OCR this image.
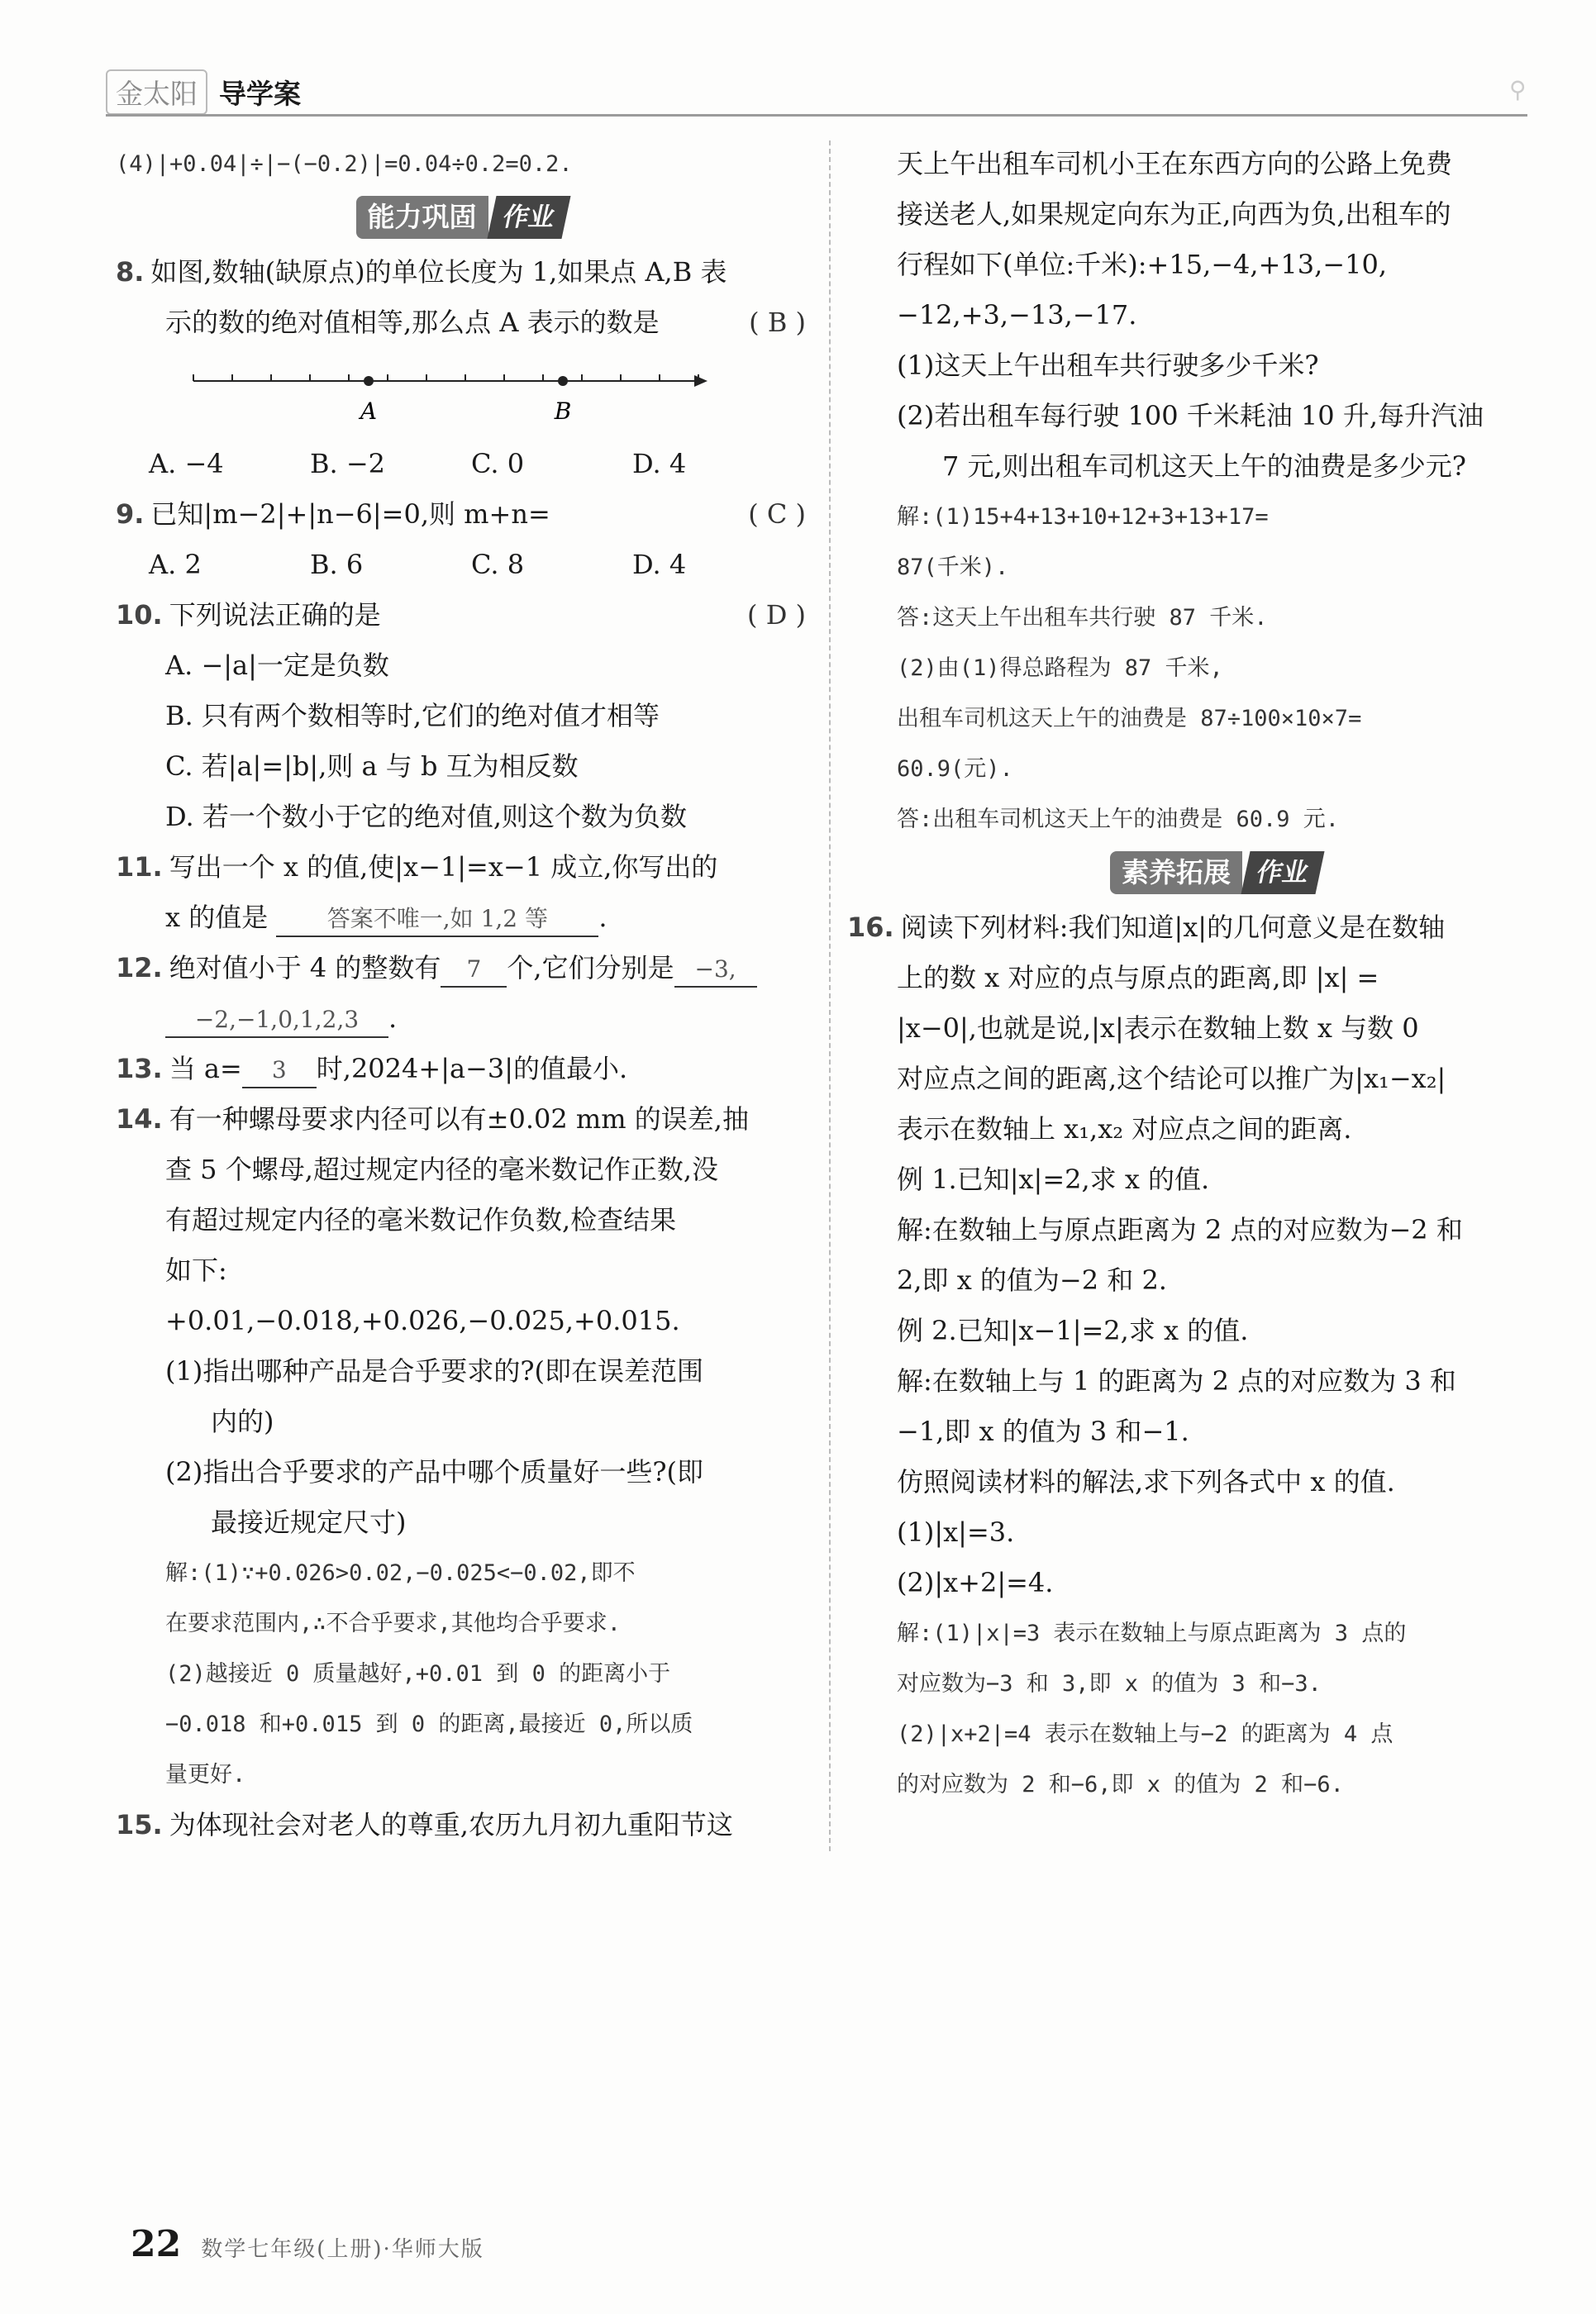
金太阳 导学案	⚲
(4)|+0.04|÷|−(−0.2)|=0.04÷0.2=0.2.
能力巩固 作业
8. 如图,数轴(缺原点)的单位长度为 1,如果点 A,B 表
示的数的绝对值相等,那么点 A 表示的数是	( B )
A	B
A. −4	B. −2	C. 0	D. 4
9. 已知|m−2|+|n−6|=0,则 m+n=	( C )
A. 2	B. 6	C. 8	D. 4
10. 下列说法正确的是	( D )
A. −|a|一定是负数
B. 只有两个数相等时,它们的绝对值才相等
C. 若|a|=|b|,则 a 与 b 互为相反数
D. 若一个数小于它的绝对值,则这个数为负数
11. 写出一个 x 的值,使|x−1|=x−1 成立,你写出的
x 的值是	答案不唯一,如 1,2 等 .
12. 绝对值小于 4 的整数有 7 个,它们分别是 −3,
−2,−1,0,1,2,3 .
13. 当 a= 3 时,2024+|a−3|的值最小.
14. 有一种螺母要求内径可以有±0.02 mm 的误差,抽
查 5 个螺母,超过规定内径的毫米数记作正数,没
有超过规定内径的毫米数记作负数,检查结果
如下:
+0.01,−0.018,+0.026,−0.025,+0.015.
(1)指出哪种产品是合乎要求的?(即在误差范围
内的)
(2)指出合乎要求的产品中哪个质量好一些?(即
最接近规定尺寸)
解:(1)∵+0.026>0.02,−0.025<−0.02,即不
在要求范围内,∴不合乎要求,其他均合乎要求.
(2)越接近 0 质量越好,+0.01 到 0 的距离小于
−0.018 和+0.015 到 0 的距离,最接近 0,所以质
量更好.
15. 为体现社会对老人的尊重,农历九月初九重阳节这
天上午出租车司机小王在东西方向的公路上免费
接送老人,如果规定向东为正,向西为负,出租车的
行程如下(单位:千米):+15,−4,+13,−10,
−12,+3,−13,−17.
(1)这天上午出租车共行驶多少千米?
(2)若出租车每行驶 100 千米耗油 10 升,每升汽油
7 元,则出租车司机这天上午的油费是多少元?
解:(1)15+4+13+10+12+3+13+17=
87(千米).
答:这天上午出租车共行驶 87 千米.
(2)由(1)得总路程为 87 千米,
出租车司机这天上午的油费是 87÷100×10×7=
60.9(元).
答:出租车司机这天上午的油费是 60.9 元.
素养拓展 作业
16. 阅读下列材料:我们知道|x|的几何意义是在数轴
上的数 x 对应的点与原点的距离,即 |x| =
|x−0|,也就是说,|x|表示在数轴上数 x 与数 0
对应点之间的距离,这个结论可以推广为|x₁−x₂|
表示在数轴上 x₁,x₂ 对应点之间的距离.
例 1.已知|x|=2,求 x 的值.
解:在数轴上与原点距离为 2 点的对应数为−2 和
2,即 x 的值为−2 和 2.
例 2.已知|x−1|=2,求 x 的值.
解:在数轴上与 1 的距离为 2 点的对应数为 3 和
−1,即 x 的值为 3 和−1.
仿照阅读材料的解法,求下列各式中 x 的值.
(1)|x|=3.
(2)|x+2|=4.
解:(1)|x|=3 表示在数轴上与原点距离为 3 点的
对应数为−3 和 3,即 x 的值为 3 和−3.
(2)|x+2|=4 表示在数轴上与−2 的距离为 4 点
的对应数为 2 和−6,即 x 的值为 2 和−6.
22 数学七年级(上册)·华师大版
